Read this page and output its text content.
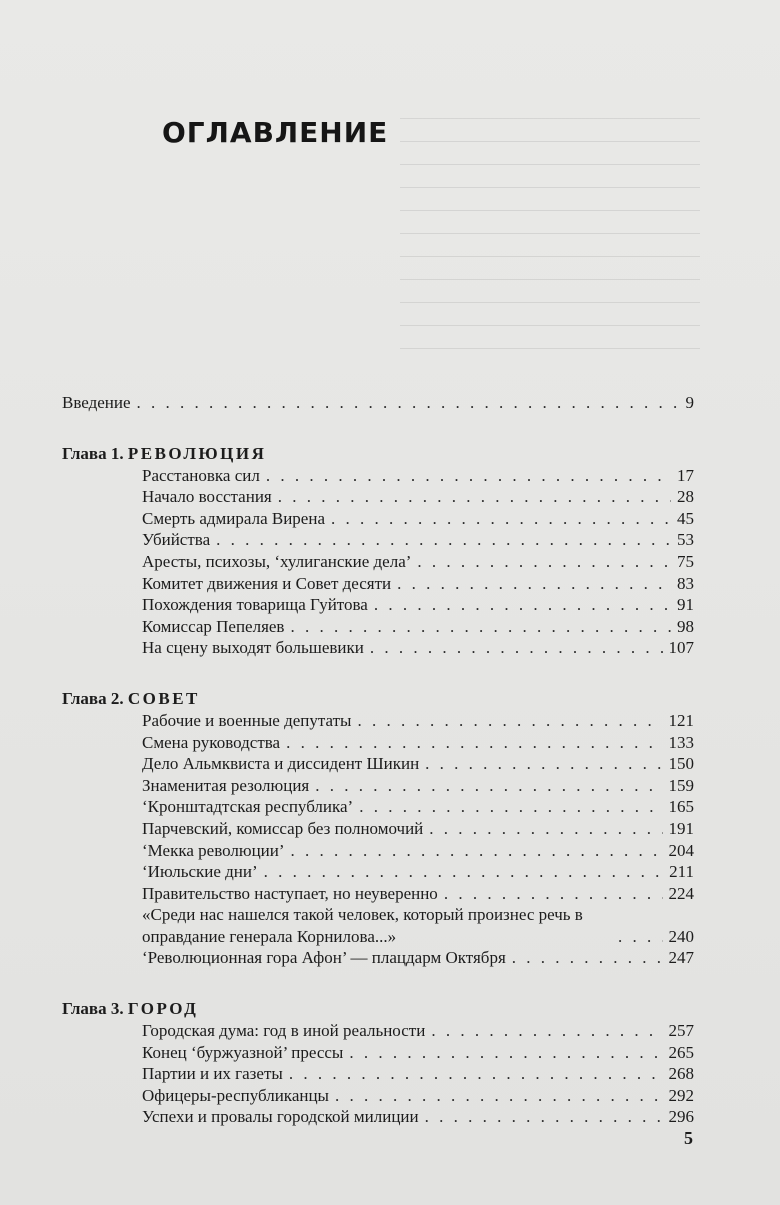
ОГЛАВЛЕНИЕ
Введение . . .	9
Глава 1. РЕВОЛЮЦИЯ
Расстановка сил . . .	17
Начало восстания . . .	28
Смерть адмирала Вирена . . .	45
Убийства . . .	53
Аресты, психозы, ‘хулиганские дела’ . . .	75
Комитет движения и Совет десяти . . .	83
Похождения товарища Гуйтова . . .	91
Комиссар Пепеляев . . .	98
На сцену выходят большевики . . .	107
Глава 2. СОВЕТ
Рабочие и военные депутаты . . .	121
Смена руководства . . .	133
Дело Альмквиста и диссидент Шикин . . .	150
Знаменитая резолюция . . .	159
‘Кронштадтская республика’ . . .	165
Парчевский, комиссар без полномочий . . .	191
‘Мекка революции’ . . .	204
‘Июльские дни’ . . .	211
Правительство наступает, но неуверенно . . .	224
«Среди нас нашелся такой человек, который произнес речь в оправдание генерала Корнилова...» . . .	240
‘Революционная гора Афон’ — плацдарм Октября . . .	247
Глава 3. ГОРОД
Городская дума: год в иной реальности . . .	257
Конец ‘буржуазной’ прессы . . .	265
Партии и их газеты . . .	268
Офицеры-республиканцы . . .	292
Успехи и провалы городской милиции . . .	296
5
